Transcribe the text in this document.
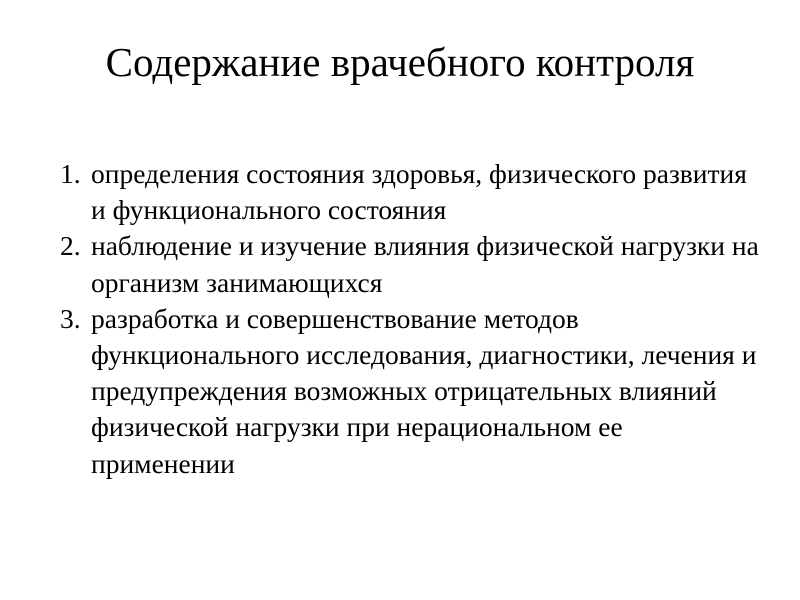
Содержание врачебного контроля
1. определения состояния здоровья, физического развития и функционального состояния
2. наблюдение и изучение влияния физической нагрузки на организм занимающихся
3. разработка и совершенствование методов функционального исследования, диагностики, лечения и предупреждения возможных отрицательных влияний физической нагрузки при нерациональном ее применении
